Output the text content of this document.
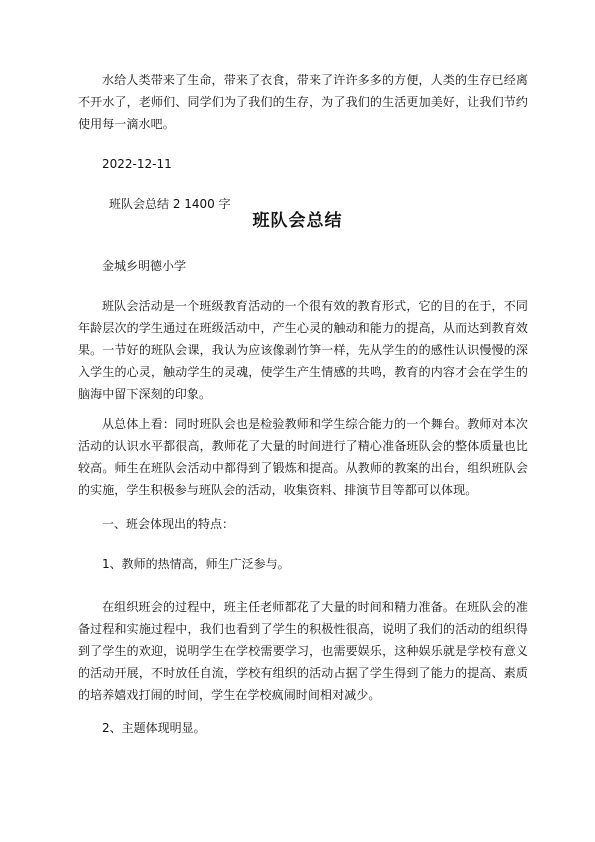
水给人类带来了生命，带来了衣食，带来了许许多多的方便，人类的生存已经离不开水了，老师们、同学们为了我们的生存，为了我们的生活更加美好，让我们节约使用每一滴水吧。

2022-12-11

班队会总结 2 1400 字

班队会总结

金城乡明德小学

班队会活动是一个班级教育活动的一个很有效的教育形式，它的目的在于，不同年龄层次的学生通过在班级活动中，产生心灵的触动和能力的提高，从而达到教育效果。一节好的班队会课，我认为应该像剥竹笋一样，先从学生的的感性认识慢慢的深入学生的心灵，触动学生的灵魂，使学生产生情感的共鸣，教育的内容才会在学生的脑海中留下深刻的印象。

从总体上看：同时班队会也是检验教师和学生综合能力的一个舞台。教师对本次活动的认识水平都很高，教师花了大量的时间进行了精心准备班队会的整体质量也比较高。师生在班队会活动中都得到了锻炼和提高。从教师的教案的出台，组织班队会的实施，学生积极参与班队会的活动，收集资料、排演节目等都可以体现。

一、班会体现出的特点：

1、教师的热情高，师生广泛参与。

在组织班会的过程中，班主任老师都花了大量的时间和精力准备。在班队会的准备过程和实施过程中，我们也看到了学生的积极性很高，说明了我们的活动的组织得到了学生的欢迎，说明学生在学校需要学习，也需要娱乐，这种娱乐就是学校有意义的活动开展，不时放任自流，学校有组织的活动占据了学生得到了能力的提高、素质的培养嬉戏打闹的时间，学生在学校疯闹时间相对减少。

2、主题体现明显。
